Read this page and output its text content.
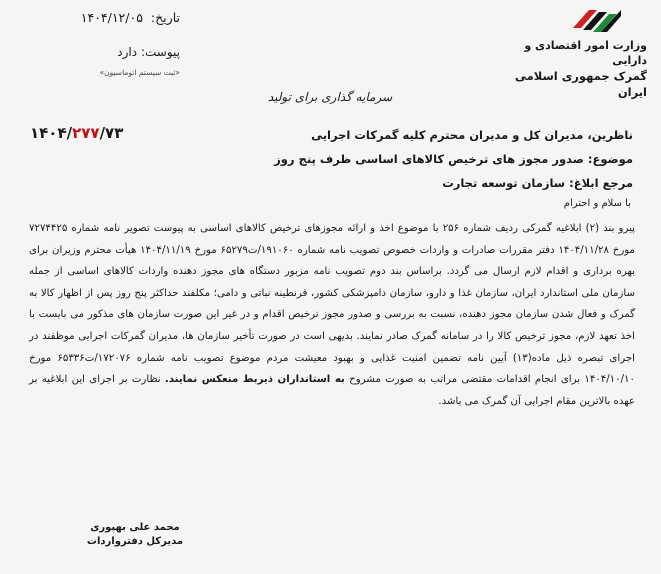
وزارت امور اقتصادی و دارایی
گمرک جمهوری اسلامی ایران
تاریخ: ۱۴۰۴/۱۲/۰۵
پیوست: دارد
«ثبت سیستم اتوماسیون»
سرمایه گذاری برای تولید
۱۴۰۴/۲۷۷/۷۳	ناظرین، مدیران کل و مدیران محترم کلیه گمرکات اجرایی
موضوع: صدور مجوز های ترخیص کالاهای اساسی ظرف پنج روز
مرجع ابلاغ: سازمان توسعه تجارت
با سلام و احترام
پیرو بند (۲) ابلاغیه گمرکی ردیف شماره ۲۵۶ با موضوع اخذ و ارائه مجوزهای ترخیص کالاهای اساسی به پیوست تصویر نامه شماره ۷۲۷۴۴۲۵ مورخ ۱۴۰۴/۱۱/۲۸ دفتر مقررات صادرات و واردات خصوص تصویب نامه شماره ۱۹۱۰۶۰/ت۶۵۲۷۹ مورخ ۱۴۰۴/۱۱/۱۹ هیأت محترم وزیران برای بهره برداری و اقدام لازم ارسال می گردد. براساس بند دوم تصویب نامه مزبور دستگاه های مجوز دهنده واردات کالاهای اساسی از جمله سازمان ملی استاندارد ایران، سازمان غذا و دارو، سازمان دامپزشکی کشور، قرنطینه نباتی و دامی؛ مکلفند حداکثر پنج روز پس از اظهار کالا به گمرک و فعال شدن سازمان مجوز دهنده، نسبت به بررسی و صدور مجوز ترخیص اقدام و در غیر این صورت سازمان های مذکور می بایست با اخذ تعهد لازم، مجوز ترخیص کالا را در سامانه گمرک صادر نمایند. بدیهی است در صورت تأخیر سازمان ها، مدیران گمرکات اجرایی موظفند در اجرای تبصره ذیل ماده(۱۳) آیین نامه تضمین امنیت غذایی و بهبود معیشت مردم موضوع تصویب نامه شماره ۱۷۲۰۷۶/ت۶۵۳۳۶ مورخ ۱۴۰۴/۱۰/۱۰ برای انجام اقدامات مقتضی مراتب به صورت مشروح به استانداران ذیربط منعکس نمایند. نظارت بر اجرای این ابلاغیه بر عهده بالاترین مقام اجرایی آن گمرک می باشد.
محمد علی بهپوری
مدیرکل دفترواردات
